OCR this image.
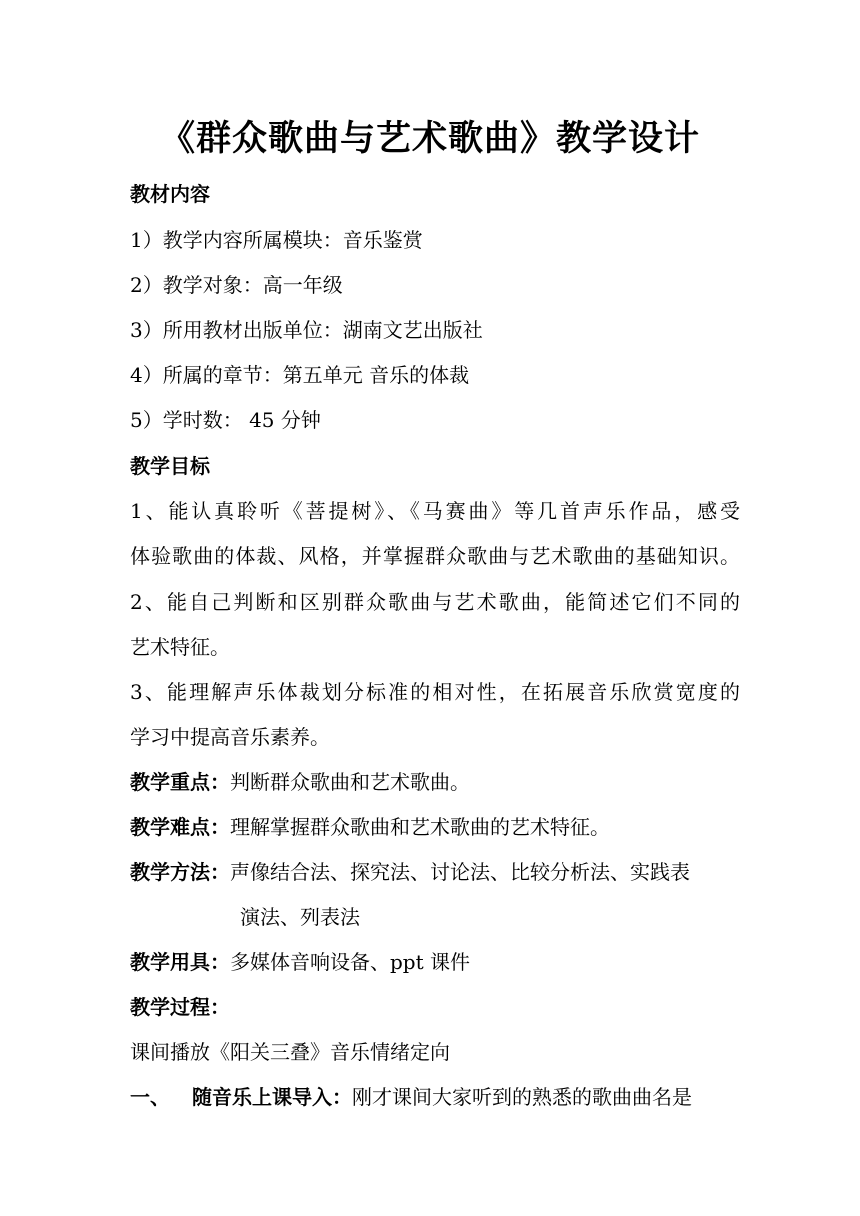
《群众歌曲与艺术歌曲》教学设计
教材内容
1）教学内容所属模块：音乐鉴赏
2）教学对象：高一年级
3）所用教材出版单位：湖南文艺出版社
4）所属的章节：第五单元 音乐的体裁
5）学时数： 45 分钟
教学目标
1、能认真聆听《菩提树》、《马赛曲》等几首声乐作品，感受
体验歌曲的体裁、风格，并掌握群众歌曲与艺术歌曲的基础知识。
2、能自己判断和区别群众歌曲与艺术歌曲，能简述它们不同的
艺术特征。
3、能理解声乐体裁划分标准的相对性，在拓展音乐欣赏宽度的
学习中提高音乐素养。
教学重点：判断群众歌曲和艺术歌曲。
教学难点：理解掌握群众歌曲和艺术歌曲的艺术特征。
教学方法：声像结合法、探究法、讨论法、比较分析法、实践表
演法、列表法
教学用具：多媒体音响设备、ppt 课件
教学过程：
课间播放《阳关三叠》音乐情绪定向
一、 随音乐上课导入：刚才课间大家听到的熟悉的歌曲曲名是
